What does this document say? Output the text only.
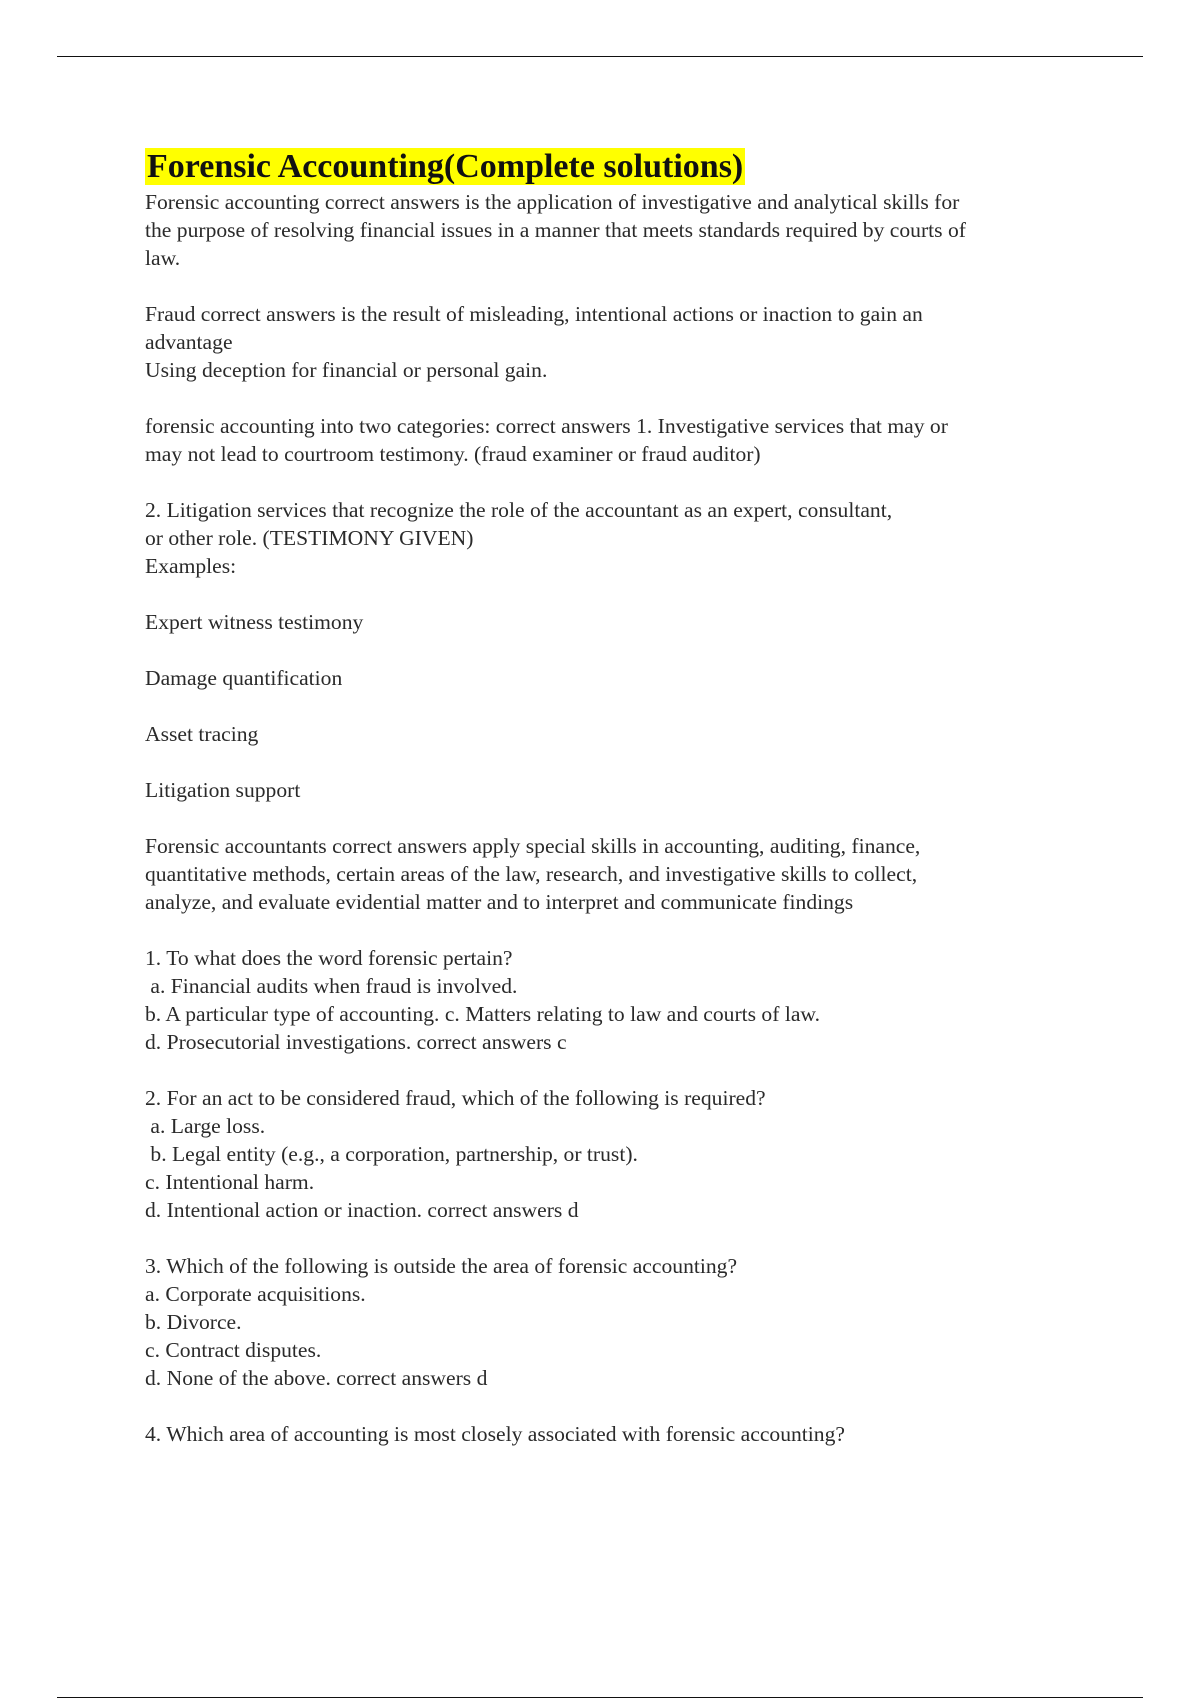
Forensic Accounting(Complete solutions)

Forensic accounting correct answers is the application of investigative and analytical skills for
the purpose of resolving financial issues in a manner that meets standards required by courts of
law.

Fraud correct answers is the result of misleading, intentional actions or inaction to gain an
advantage
Using deception for financial or personal gain.

forensic accounting into two categories: correct answers 1. Investigative services that may or
may not lead to courtroom testimony. (fraud examiner or fraud auditor)

2. Litigation services that recognize the role of the accountant as an expert, consultant,
or other role. (TESTIMONY GIVEN)
Examples:

Expert witness testimony

Damage quantification

Asset tracing

Litigation support

Forensic accountants correct answers apply special skills in accounting, auditing, finance,
quantitative methods, certain areas of the law, research, and investigative skills to collect,
analyze, and evaluate evidential matter and to interpret and communicate findings

1. To what does the word forensic pertain?
a. Financial audits when fraud is involved.
b. A particular type of accounting. c. Matters relating to law and courts of law.
d. Prosecutorial investigations. correct answers c

2. For an act to be considered fraud, which of the following is required?
a. Large loss.
b. Legal entity (e.g., a corporation, partnership, or trust).
c. Intentional harm.
d. Intentional action or inaction. correct answers d

3. Which of the following is outside the area of forensic accounting?
a. Corporate acquisitions.
b. Divorce.
c. Contract disputes.
d. None of the above. correct answers d

4. Which area of accounting is most closely associated with forensic accounting?
